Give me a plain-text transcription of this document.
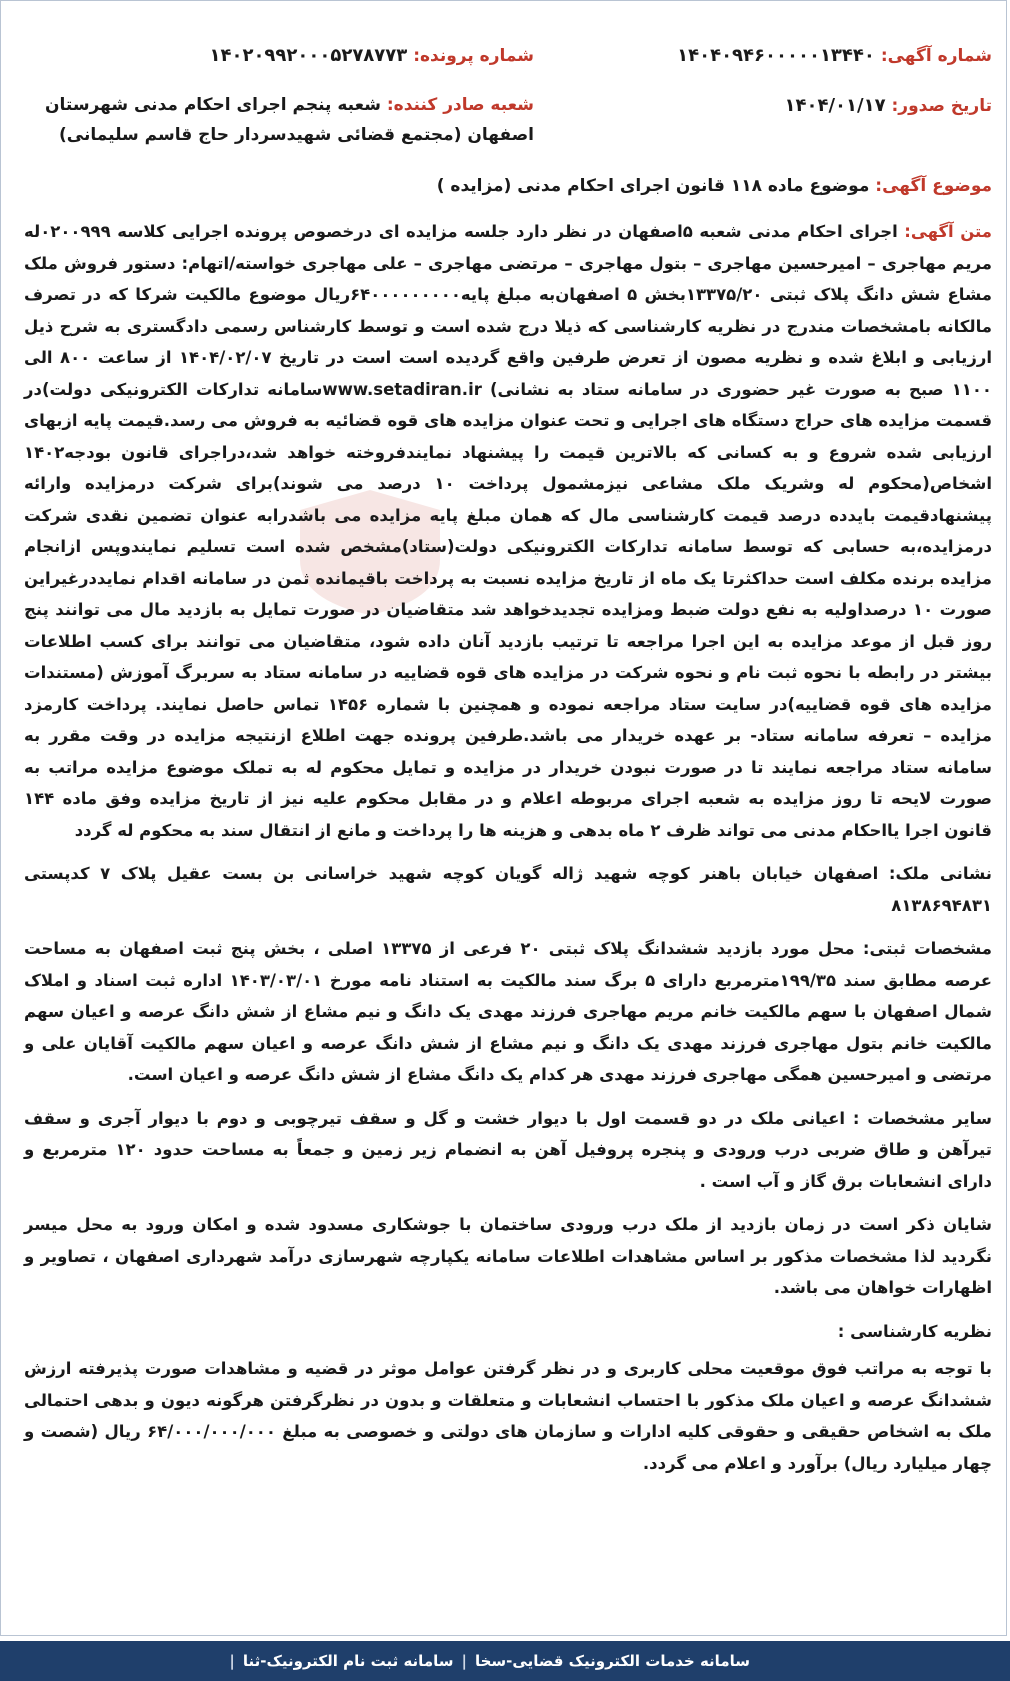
شماره آگهی: ۱۴۰۴۰۹۴۶۰۰۰۰۰۱۳۴۴۰
شماره پرونده: ۱۴۰۲۰۹۹۲۰۰۰۵۲۷۸۷۷۳
تاریخ صدور: ۱۴۰۴/۰۱/۱۷
شعبه صادر کننده: شعبه پنجم اجرای احکام مدنی شهرستان اصفهان (مجتمع قضائی شهیدسردار حاج قاسم سلیمانی)
موضوع آگهی: موضوع ماده ۱۱۸ قانون اجرای احکام مدنی (مزایده )
متن آگهی: اجرای احکام مدنی شعبه ۵اصفهان در نظر دارد جلسه مزایده ای درخصوص پرونده اجرایی کلاسه ۰۲۰۰۹۹۹له مریم مهاجری – امیرحسین مهاجری – بتول مهاجری – مرتضی مهاجری – علی مهاجری خواسته/اتهام: دستور فروش ملک مشاع شش دانگ پلاک ثبتی ۱۳۳۷۵/۲۰بخش ۵ اصفهان‌به مبلغ پایه۶۴۰۰۰۰۰۰۰۰۰ریال موضوع مالکیت شرکا که در تصرف مالکانه بامشخصات مندرج در نظریه کارشناسی که ذیلا درج شده است و توسط کارشناس رسمی دادگستری به شرح ذیل ارزیابی و ابلاغ شده و نظریه مصون از تعرض طرفین واقع گردیده است است در تاریخ ۱۴۰۴/۰۲/۰۷ از ساعت ۸۰۰ الی ۱۱۰۰ صبح به صورت غیر حضوری در سامانه ستاد به نشانی) www.setadiran.irسامانه تدارکات الکترونیکی دولت)در قسمت مزایده های حراج دستگاه های اجرایی و تحت عنوان مزایده های قوه قضائیه به فروش می رسد.قیمت پایه ازبهای ارزیابی شده شروع و به کسانی که بالاترین قیمت را پیشنهاد نمایندفروخته خواهد شد،دراجرای قانون بودجه۱۴۰۲ اشخاص(محکوم له وشریک ملک مشاعی نیزمشمول پرداخت ۱۰ درصد می شوند)برای شرکت درمزایده وارائه پیشنهادقیمت بایدده درصد قیمت کارشناسی مال که همان مبلغ پایه مزایده می باشدرابه عنوان تضمین نقدی شرکت درمزایده،به حسابی که توسط سامانه تدارکات الکترونیکی دولت(ستاد)مشخص شده است تسلیم نمایندوپس ازانجام مزایده برنده مکلف است حداکثرتا یک ماه از تاریخ مزایده نسبت به پرداخت باقیمانده ثمن در سامانه اقدام نمایددرغیراین صورت ۱۰ درصداولیه به نفع دولت ضبط ومزایده تجدیدخواهد شد متقاضیان در صورت تمایل به بازدید مال می توانند پنج روز قبل از موعد مزایده به این اجرا مراجعه تا ترتیب بازدید آنان داده شود، متقاضیان می توانند برای کسب اطلاعات بیشتر در رابطه با نحوه ثبت نام و نحوه شرکت در مزایده های قوه قضاییه در سامانه ستاد به سربرگ آموزش (مستندات مزایده های قوه قضاییه)در سایت ستاد مراجعه نموده و همچنین با شماره ۱۴۵۶ تماس حاصل نمایند. پرداخت کارمزد مزایده – تعرفه سامانه ستاد- بر عهده خریدار می باشد.طرفین پرونده جهت اطلاع ازنتیجه مزایده در وقت مقرر به سامانه ستاد مراجعه نمایند تا در صورت نبودن خریدار در مزایده و تمایل محکوم له به تملک موضوع مزایده مراتب به صورت لایحه تا روز مزایده به شعبه اجرای مربوطه اعلام و در مقابل محکوم علیه نیز از تاریخ مزایده وفق ماده ۱۴۴ قانون اجرا یااحکام مدنی می تواند ظرف ۲ ماه بدهی و هزینه ها را پرداخت و مانع از انتقال سند به محکوم له گردد
نشانی ملک: اصفهان خیابان باهنر کوچه شهید ژاله گویان کوچه شهید خراسانی بن بست عقیل پلاک ۷ کدپستی ۸۱۳۸۶۹۴۸۳۱
مشخصات ثبتی: محل مورد بازدید ششدانگ پلاک ثبتی ۲۰ فرعی از ۱۳۳۷۵ اصلی ، بخش پنج ثبت اصفهان به مساحت عرصه مطابق سند ۱۹۹/۳۵مترمربع دارای ۵ برگ سند مالکیت به استناد نامه مورخ ۱۴۰۳/۰۳/۰۱ اداره ثبت اسناد و املاک شمال اصفهان با سهم مالکیت خانم مریم مهاجری فرزند مهدی یک دانگ و نیم مشاع از شش دانگ عرصه و اعیان سهم مالکیت خانم بتول مهاجری فرزند مهدی یک دانگ و نیم مشاع از شش دانگ عرصه و اعیان سهم مالکیت آقایان علی و مرتضی و امیرحسین همگی مهاجری فرزند مهدی هر کدام یک دانگ مشاع از شش دانگ عرصه و اعیان است.
سایر مشخصات : اعیانی ملک در دو قسمت اول با دیوار خشت و گل و سقف تیرچوبی و دوم با دیوار آجری و سقف تیرآهن و طاق ضربی درب ورودی و پنجره پروفیل آهن به انضمام زیر زمین و جمعاً به مساحت حدود ۱۲۰ مترمربع و دارای انشعابات برق گاز و آب است .
شایان ذکر است در زمان بازدید از ملک درب ورودی ساختمان با جوشکاری مسدود شده و امکان ورود به محل میسر نگردید لذا مشخصات مذکور بر اساس مشاهدات اطلاعات سامانه یکپارچه شهرسازی درآمد شهرداری اصفهان ، تصاویر و اظهارات خواهان می باشد.
نظریه کارشناسی :
با توجه به مراتب فوق موقعیت محلی کاربری و در نظر گرفتن عوامل موثر در قضیه و مشاهدات صورت پذیرفته ارزش ششدانگ عرصه و اعیان ملک مذکور با احتساب انشعابات و متعلقات و بدون در نظرگرفتن هرگونه دیون و بدهی احتمالی ملک به اشخاص حقیقی و حقوقی کلیه ادارات و سازمان های دولتی و خصوصی به مبلغ ۶۴/۰۰۰/۰۰۰/۰۰۰ ریال (شصت و چهار میلیارد ریال) برآورد و اعلام می گردد.
سامانه خدمات الکترونیک قضایی-سخا
|
سامانه ثبت نام الکترونیک-ثنا
|
